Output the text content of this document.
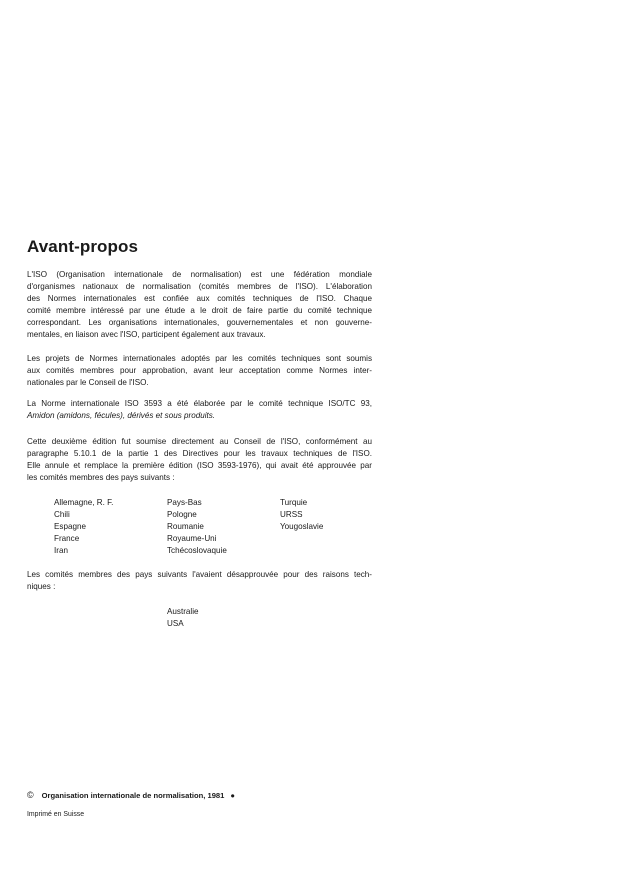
Avant-propos
L'ISO (Organisation internationale de normalisation) est une fédération mondiale
d'organismes nationaux de normalisation (comités membres de l'ISO). L'élaboration
des Normes internationales est confiée aux comités techniques de l'ISO. Chaque
comité membre intéressé par une étude a le droit de faire partie du comité technique
correspondant. Les organisations internationales, gouvernementales et non gouverne-
mentales, en liaison avec l'ISO, participent également aux travaux.
Les projets de Normes internationales adoptés par les comités techniques sont soumis
aux comités membres pour approbation, avant leur acceptation comme Normes inter-
nationales par le Conseil de l'ISO.
La Norme internationale ISO 3593 a été élaborée par le comité technique ISO/TC 93,
Amidon (amidons, fécules), dérivés et sous produits.
Cette deuxième édition fut soumise directement au Conseil de l'ISO, conformément au
paragraphe 5.10.1 de la partie 1 des Directives pour les travaux techniques de l'ISO.
Elle annule et remplace la première édition (ISO 3593-1976), qui avait été approuvée par
les comités membres des pays suivants :
Allemagne, R. F.
Chili
Espagne
France
Iran
Pays-Bas
Pologne
Roumanie
Royaume-Uni
Tchécoslovaquie
Turquie
URSS
Yougoslavie
Les comités membres des pays suivants l'avaient désapprouvée pour des raisons tech-
niques :
Australie
USA
© Organisation internationale de normalisation, 1981 ●
Imprimé en Suisse
